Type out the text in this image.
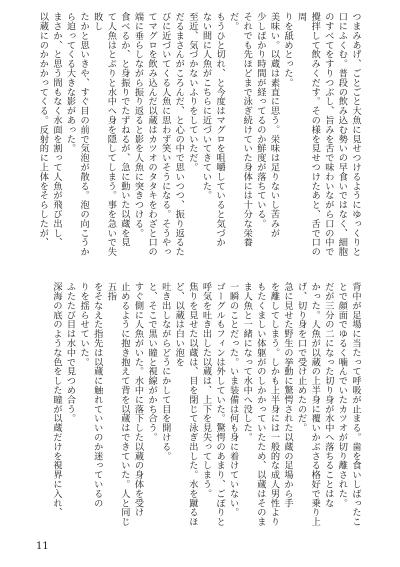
つまみあげ、ごとごと大魚に見せつけるようにゆっくりと

口にふくむ。普段の飲み込む勢いの早食いではなく、細胞

のすべてをすりつぶし、旨みを舌で味わいながら口の中で

攪拌して飲みくだす。その様を見せつけたあと、舌で口の周

りを舐めとった。

美味い。以蔵は素直に思う。栄味は足りないし苦みが

少しばかり時間が経ってるのか鮮度が落ちている。

それでも先ほどまで泳ぎ続けていた身体には十分な栄養

だ。

もうひと切れ、と今度はマグロを咀嚼していると気づか

ない間に人魚がこちらに近づいてきていた。

至近、気づかないふりをしていただ。

だるまさんがころんだ、と心の中で思いつつ、振り返るた

びに近づいてくる人魚に思わず笑いそうになる。そうやっ

てマグロを飲み込んだ以蔵はカツオのタタキをわざと口の

端に垂らしながら振り返ると影を人魚に突きつける。

食べるか、と身振りでたずねるが、急に動いた以蔵を見

て人魚はとぷりと水中へ身を隠してしまう。事を急いで失敗し

たかと思いきや、すぐ目の前で気泡が散る。泡の向こうか

ら迫ってくる大きな影があった。

まさか、と思う間もなく水面を割って人魚が飛び出し、

以蔵にのかかかってくる。反射的に上体をそらしたが、

背中が足場に当たって呼吸が止まる。歯を食いしばったこ

とで顔面でゆるく噛んでいたカツオが切り離された。

だが三分の二になった切り身が水中へ落ちることはな

かった。人魚が以蔵の上半身に覆いかぶさる格好で乗り上

げ、切り身を口で受け止めたのだ。

急に見せた野生の挙動に驚愕された以蔵の足場から手

を離してしまう。しかも上半身には一般的な成人男性より

もたくましい体躯がのしかかっていたため、以蔵はそのま

ま人魚と一緒になって水中へ没した。

一瞬のことだった。いま装備は何も身に着けていない。

ゴーグルもフィンは外していた。驚愕のあまり、ごぽりと

呼気を吐き出した以蔵は、上下を見失ってしまう。

焦りを見せた以蔵は、目を閉じて泳ぎ出した。水を蹴るほど、以蔵は白い泡を

吐き出しながらどうにかして目を開ける。

と、そこで黒い瞳と視線がかち合う。

すぐ側に人魚がいた。水中に落下した以蔵の身体を受け

止めるように抱き抱えて背を以蔵はできていた。人と同じ五指

をそなえた指先は以蔵に触れていいのか迷っているの

りを揺らせていた。

ふたたび目は水中で見つめ合う。

深海の底のような色をした瞳が以蔵だけを視界に入れ、

11
